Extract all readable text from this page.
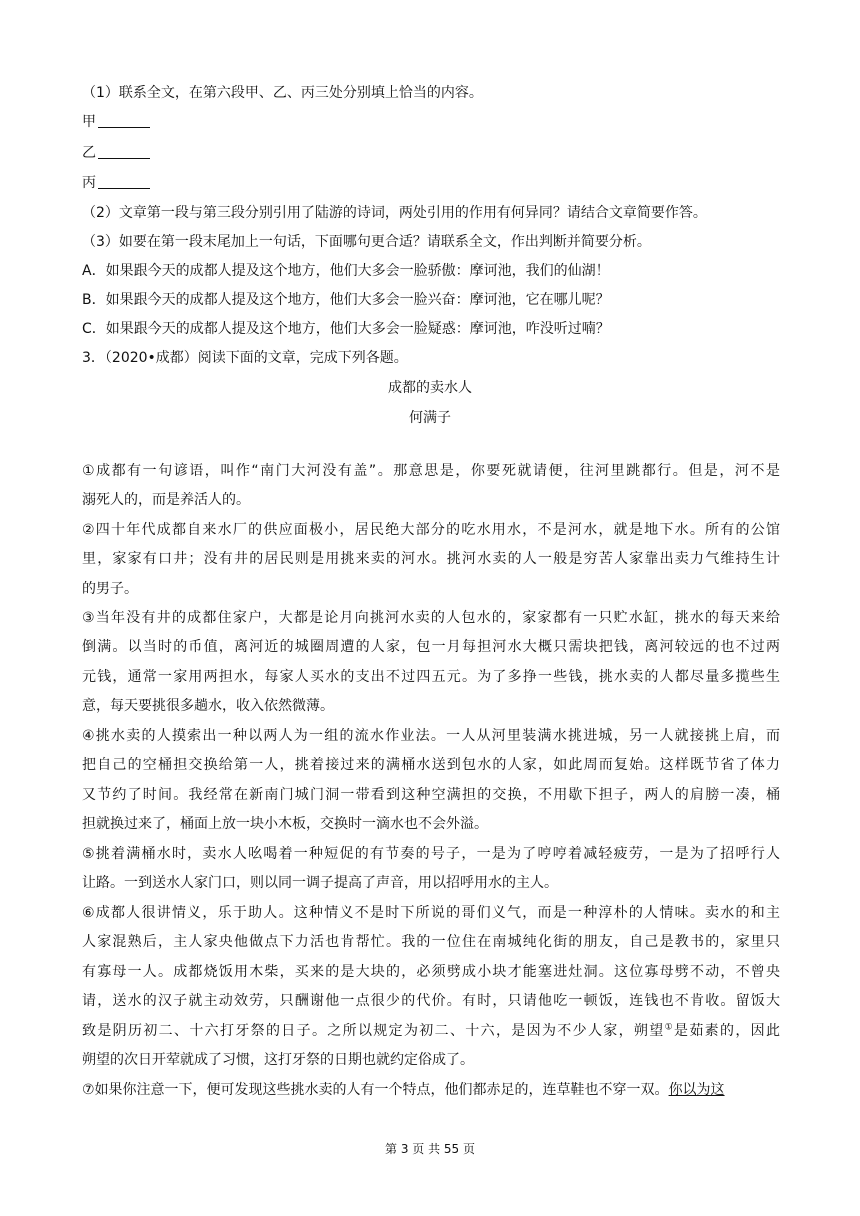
（1）联系全文，在第六段甲、乙、丙三处分别填上恰当的内容。
甲
乙
丙
（2）文章第一段与第三段分别引用了陆游的诗词，两处引用的作用有何异同？请结合文章简要作答。
（3）如要在第一段末尾加上一句话，下面哪句更合适？请联系全文，作出判断并简要分析。
A．如果跟今天的成都人提及这个地方，他们大多会一脸骄傲：摩诃池，我们的仙湖！
B．如果跟今天的成都人提及这个地方，他们大多会一脸兴奋：摩诃池，它在哪儿呢？
C．如果跟今天的成都人提及这个地方，他们大多会一脸疑惑：摩诃池，咋没听过喃？
3．（2020•成都）阅读下面的文章，完成下列各题。
成都的卖水人
何满子
①成都有一句谚语，叫作“南门大河没有盖”。那意思是，你要死就请便，往河里跳都行。但是，河不是
溺死人的，而是养活人的。
②四十年代成都自来水厂的供应面极小，居民绝大部分的吃水用水，不是河水，就是地下水。所有的公馆
里，家家有口井；没有井的居民则是用挑来卖的河水。挑河水卖的人一般是穷苦人家靠出卖力气维持生计
的男子。
③当年没有井的成都住家户，大都是论月向挑河水卖的人包水的，家家都有一只贮水缸，挑水的每天来给
倒满。以当时的币值，离河近的城圈周遭的人家，包一月每担河水大概只需块把钱，离河较远的也不过两
元钱，通常一家用两担水，每家人买水的支出不过四五元。为了多挣一些钱，挑水卖的人都尽量多揽些生
意，每天要挑很多趟水，收入依然微薄。
④挑水卖的人摸索出一种以两人为一组的流水作业法。一人从河里装满水挑进城，另一人就接挑上肩，而
把自己的空桶担交换给第一人，挑着接过来的满桶水送到包水的人家，如此周而复始。这样既节省了体力
又节约了时间。我经常在新南门城门洞一带看到这种空满担的交换，不用歇下担子，两人的肩膀一凑，桶
担就换过来了，桶面上放一块小木板，交换时一滴水也不会外溢。
⑤挑着满桶水时，卖水人吆喝着一种短促的有节奏的号子，一是为了哼哼着减轻疲劳，一是为了招呼行人
让路。一到送水人家门口，则以同一调子提高了声音，用以招呼用水的主人。
⑥成都人很讲情义，乐于助人。这种情义不是时下所说的哥们义气，而是一种淳朴的人情味。卖水的和主
人家混熟后，主人家央他做点下力活也肯帮忙。我的一位住在南城纯化街的朋友，自己是教书的，家里只
有寡母一人。成都烧饭用木柴，买来的是大块的，必须劈成小块才能塞进灶洞。这位寡母劈不动，不曾央
请，送水的汉子就主动效劳，只酬谢他一点很少的代价。有时，只请他吃一顿饭，连钱也不肯收。留饭大
致是阴历初二、十六打牙祭的日子。之所以规定为初二、十六，是因为不少人家，朔望①是茹素的，因此
朔望的次日开荤就成了习惯，这打牙祭的日期也就约定俗成了。
⑦如果你注意一下，便可发现这些挑水卖的人有一个特点，他们都赤足的，连草鞋也不穿一双。你以为这
第 3 页 共 55 页
